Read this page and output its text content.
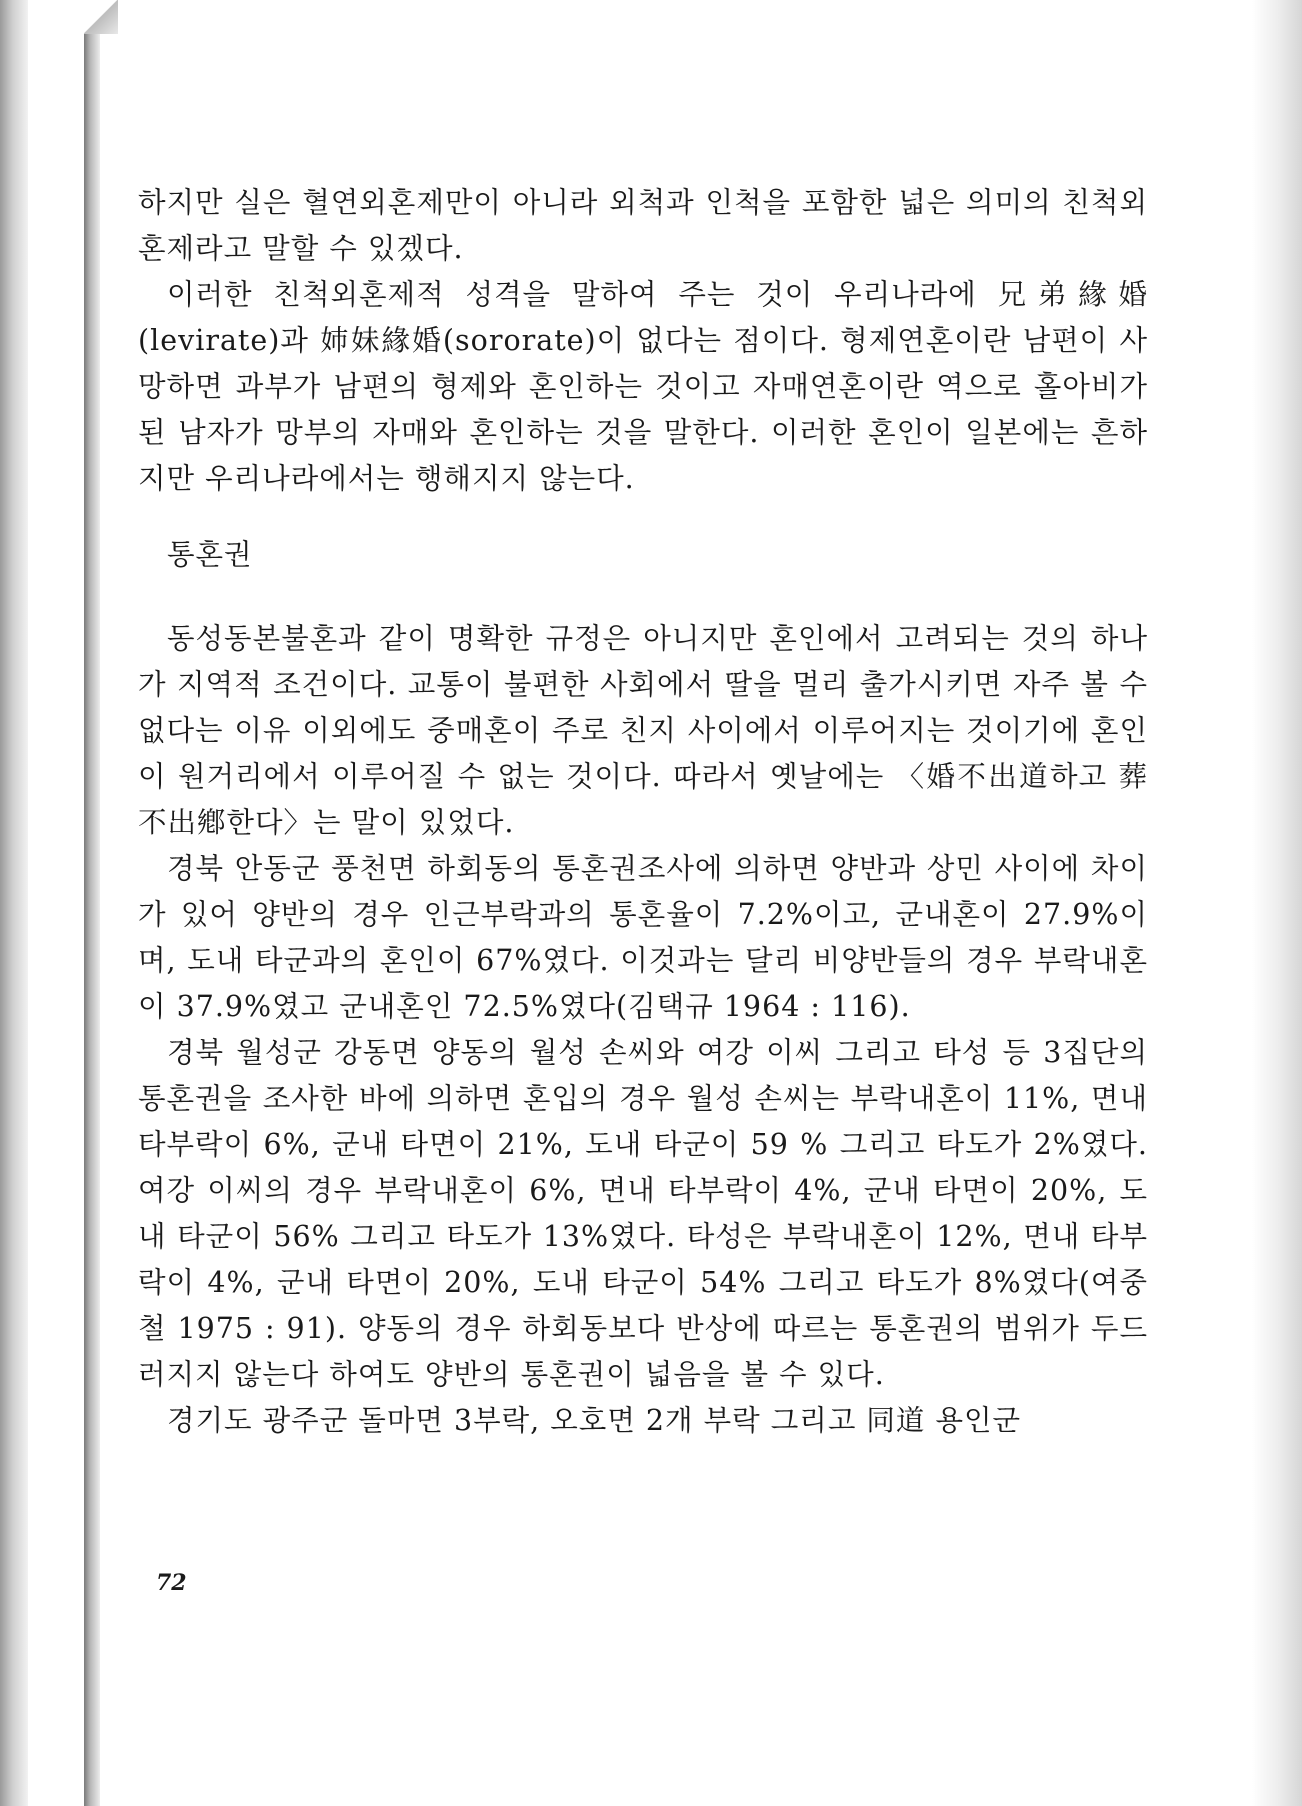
하지만 실은 혈연외혼제만이 아니라 외척과 인척을 포함한 넓은 의미의 친척외혼제라고 말할 수 있겠다.

이러한 친척외혼제적 성격을 말하여 주는 것이 우리나라에 兄弟緣婚(levirate)과 姉妹緣婚(sororate)이 없다는 점이다. 형제연혼이란 남편이 사망하면 과부가 남편의 형제와 혼인하는 것이고 자매연혼이란 역으로 홀아비가 된 남자가 망부의 자매와 혼인하는 것을 말한다. 이러한 혼인이 일본에는 흔하지만 우리나라에서는 행해지지 않는다.

통혼권

동성동본불혼과 같이 명확한 규정은 아니지만 혼인에서 고려되는 것의 하나가 지역적 조건이다. 교통이 불편한 사회에서 딸을 멀리 출가시키면 자주 볼 수 없다는 이유 이외에도 중매혼이 주로 친지 사이에서 이루어지는 것이기에 혼인이 원거리에서 이루어질 수 없는 것이다. 따라서 옛날에는 〈婚不出道하고 葬不出鄕한다〉는 말이 있었다.

경북 안동군 풍천면 하회동의 통혼권조사에 의하면 양반과 상민 사이에 차이가 있어 양반의 경우 인근부락과의 통혼율이 7.2%이고, 군내혼이 27.9%이며, 도내 타군과의 혼인이 67%였다. 이것과는 달리 비양반들의 경우 부락내혼이 37.9%였고 군내혼인 72.5%였다(김택규 1964 : 116).

경북 월성군 강동면 양동의 월성 손씨와 여강 이씨 그리고 타성 등 3집단의 통혼권을 조사한 바에 의하면 혼입의 경우 월성 손씨는 부락내혼이 11%, 면내 타부락이 6%, 군내 타면이 21%, 도내 타군이 59 % 그리고 타도가 2%였다. 여강 이씨의 경우 부락내혼이 6%, 면내 타부락이 4%, 군내 타면이 20%, 도내 타군이 56% 그리고 타도가 13%였다. 타성은 부락내혼이 12%, 면내 타부락이 4%, 군내 타면이 20%, 도내 타군이 54% 그리고 타도가 8%였다(여중철 1975 : 91). 양동의 경우 하회동보다 반상에 따르는 통혼권의 범위가 두드러지지 않는다 하여도 양반의 통혼권이 넓음을 볼 수 있다.

경기도 광주군 돌마면 3부락, 오호면 2개 부락 그리고 同道 용인군

72
